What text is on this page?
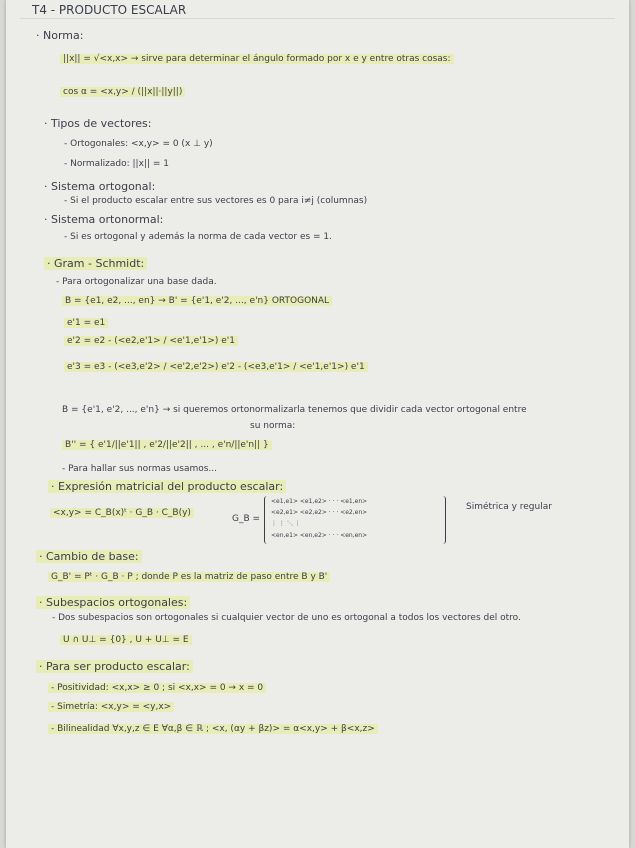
T4 - PRODUCTO ESCALAR
· Norma:
||x|| = √<x,x> → sirve para determinar el ángulo formado por x e y entre otras cosas:
cos α = <x,y> / (||x||·||y||)
· Tipos de vectores:
- Ortogonales: <x,y> = 0 (x ⊥ y)
- Normalizado: ||x|| = 1
· Sistema ortogonal:
- Si el producto escalar entre sus vectores es 0 para i≠j (columnas)
· Sistema ortonormal:
- Si es ortogonal y además la norma de cada vector es = 1.
· Gram - Schmidt:
- Para ortogonalizar una base dada.
B = {e1, e2, ..., en} → B' = {e'1, e'2, ..., e'n} ORTOGONAL
e'1 = e1
e'2 = e2 - (<e2,e'1> / <e'1,e'1>) e'1
e'3 = e3 - (<e3,e'2> / <e'2,e'2>) e'2 - (<e3,e'1> / <e'1,e'1>) e'1
B = {e'1, e'2, ..., e'n} → si queremos ortonormalizarla tenemos que dividir cada vector ortogonal entre
su norma:
B'' = { e'1/||e'1|| , e'2/||e'2|| , ... , e'n/||e'n|| }
- Para hallar sus normas usamos...
· Expresión matricial del producto escalar:
<x,y> = C_B(x)ᵗ · G_B · C_B(y)
G_B =
<e1,e1> <e1,e2> · · · <e1,en>
<e2,e1> <e2,e2> · · · <e2,en>
⋮ ⋮ ⋱ ⋮
<en,e1> <en,e2> · · · <en,en>
Simétrica y regular
· Cambio de base:
G_B' = Pᵗ · G_B · P ; donde P es la matriz de paso entre B y B'
· Subespacios ortogonales:
- Dos subespacios son ortogonales si cualquier vector de uno es ortogonal a todos los vectores del otro.
U ∩ U⊥ = {0} , U + U⊥ = E
· Para ser producto escalar:
- Positividad: <x,x> ≥ 0 ; si <x,x> = 0 → x = 0
- Simetría: <x,y> = <y,x>
- Bilinealidad ∀x,y,z ∈ E ∀α,β ∈ ℝ ; <x, (αy + βz)> = α<x,y> + β<x,z>
